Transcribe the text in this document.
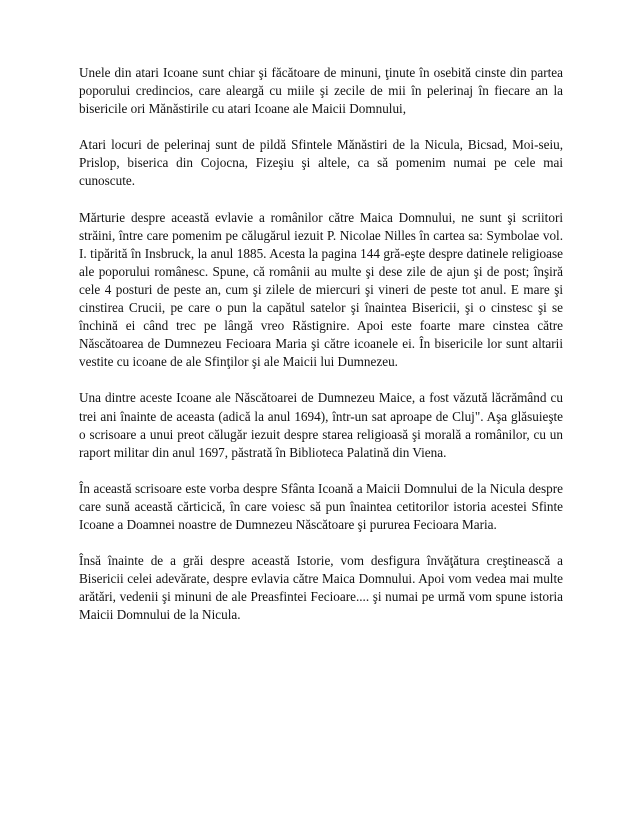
Unele din atari Icoane sunt chiar şi făcătoare de minuni, ţinute în osebită cinste din partea poporului credincios, care aleargă cu miile şi zecile de mii în pelerinaj în fiecare an la bisericile ori Mănăstirile cu atari Icoane ale Maicii Domnului,

Atari locuri de pelerinaj sunt de pildă Sfintele Mănăstiri de la Nicula, Bicsad, Moi-seiu, Prislop, biserica din Cojocna, Fizeşiu şi altele, ca să pomenim numai pe cele mai cunoscute.

Mărturie despre această evlavie a românilor către Maica Domnului, ne sunt şi scriitori străini, între care pomenim pe călugărul iezuit P. Nicolae Nilles în cartea sa: Symbolae vol. I. tipărită în Insbruck, la anul 1885. Acesta la pagina 144 gră-eşte despre datinele religioase ale poporului românesc. Spune, că românii au multe şi dese zile de ajun şi de post; înşiră cele 4 posturi de peste an, cum şi zilele de miercuri şi vineri de peste tot anul. E mare şi cinstirea Crucii, pe care o pun la capătul satelor şi înaintea Bisericii, şi o cinstesc şi se închină ei când trec pe lângă vreo Răstignire. Apoi este foarte mare cinstea către Născătoarea de Dumnezeu Fecioara Maria şi către icoanele ei. În bisericile lor sunt altarii vestite cu icoane de ale Sfinţilor şi ale Maicii lui Dumnezeu.

Una dintre aceste Icoane ale Născătoarei de Dumnezeu Maice, a fost văzută lăcrămând cu trei ani înainte de aceasta (adică la anul 1694), într-un sat aproape de Cluj". Aşa glăsuieşte o scrisoare a unui preot călugăr iezuit despre starea religioasă şi morală a românilor, cu un raport militar din anul 1697, păstrată în Biblioteca Palatină din Viena.

În această scrisoare este vorba despre Sfânta Icoană a Maicii Domnului de la Nicula despre care sună această cărticică, în care voiesc să pun înaintea cetitorilor istoria acestei Sfinte Icoane a Doamnei noastre de Dumnezeu Născătoare şi pururea Fecioara Maria.

Însă înainte de a grăi despre această Istorie, vom desfigura învăţătura creştinească a Bisericii celei adevărate, despre evlavia către Maica Domnului. Apoi vom vedea mai multe arătări, vedenii şi minuni de ale Preasfintei Fecioare.... şi numai pe urmă vom spune istoria Maicii Domnului de la Nicula.
